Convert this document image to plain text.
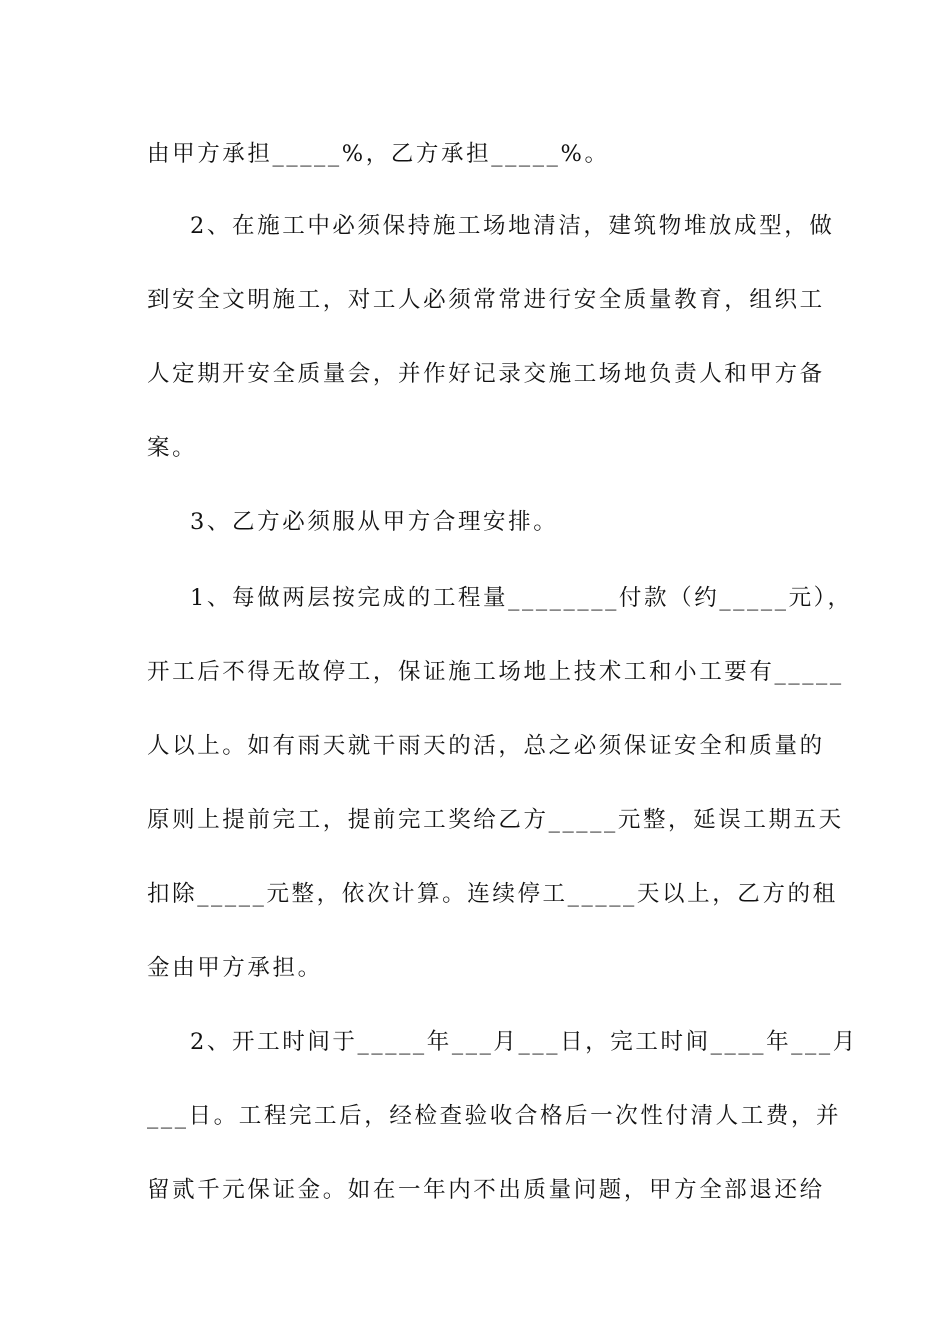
由甲方承担_____%，乙方承担_____%。
2、在施工中必须保持施工场地清洁，建筑物堆放成型，做
到安全文明施工，对工人必须常常进行安全质量教育，组织工
人定期开安全质量会，并作好记录交施工场地负责人和甲方备
案。
3、乙方必须服从甲方合理安排。
1、每做两层按完成的工程量________付款（约_____元），
开工后不得无故停工，保证施工场地上技术工和小工要有_____
人以上。如有雨天就干雨天的活，总之必须保证安全和质量的
原则上提前完工，提前完工奖给乙方_____元整，延误工期五天
扣除_____元整，依次计算。连续停工_____天以上，乙方的租
金由甲方承担。
2、开工时间于_____年___月___日，完工时间____年___月
___日。工程完工后，经检查验收合格后一次性付清人工费，并
留贰千元保证金。如在一年内不出质量问题，甲方全部退还给
